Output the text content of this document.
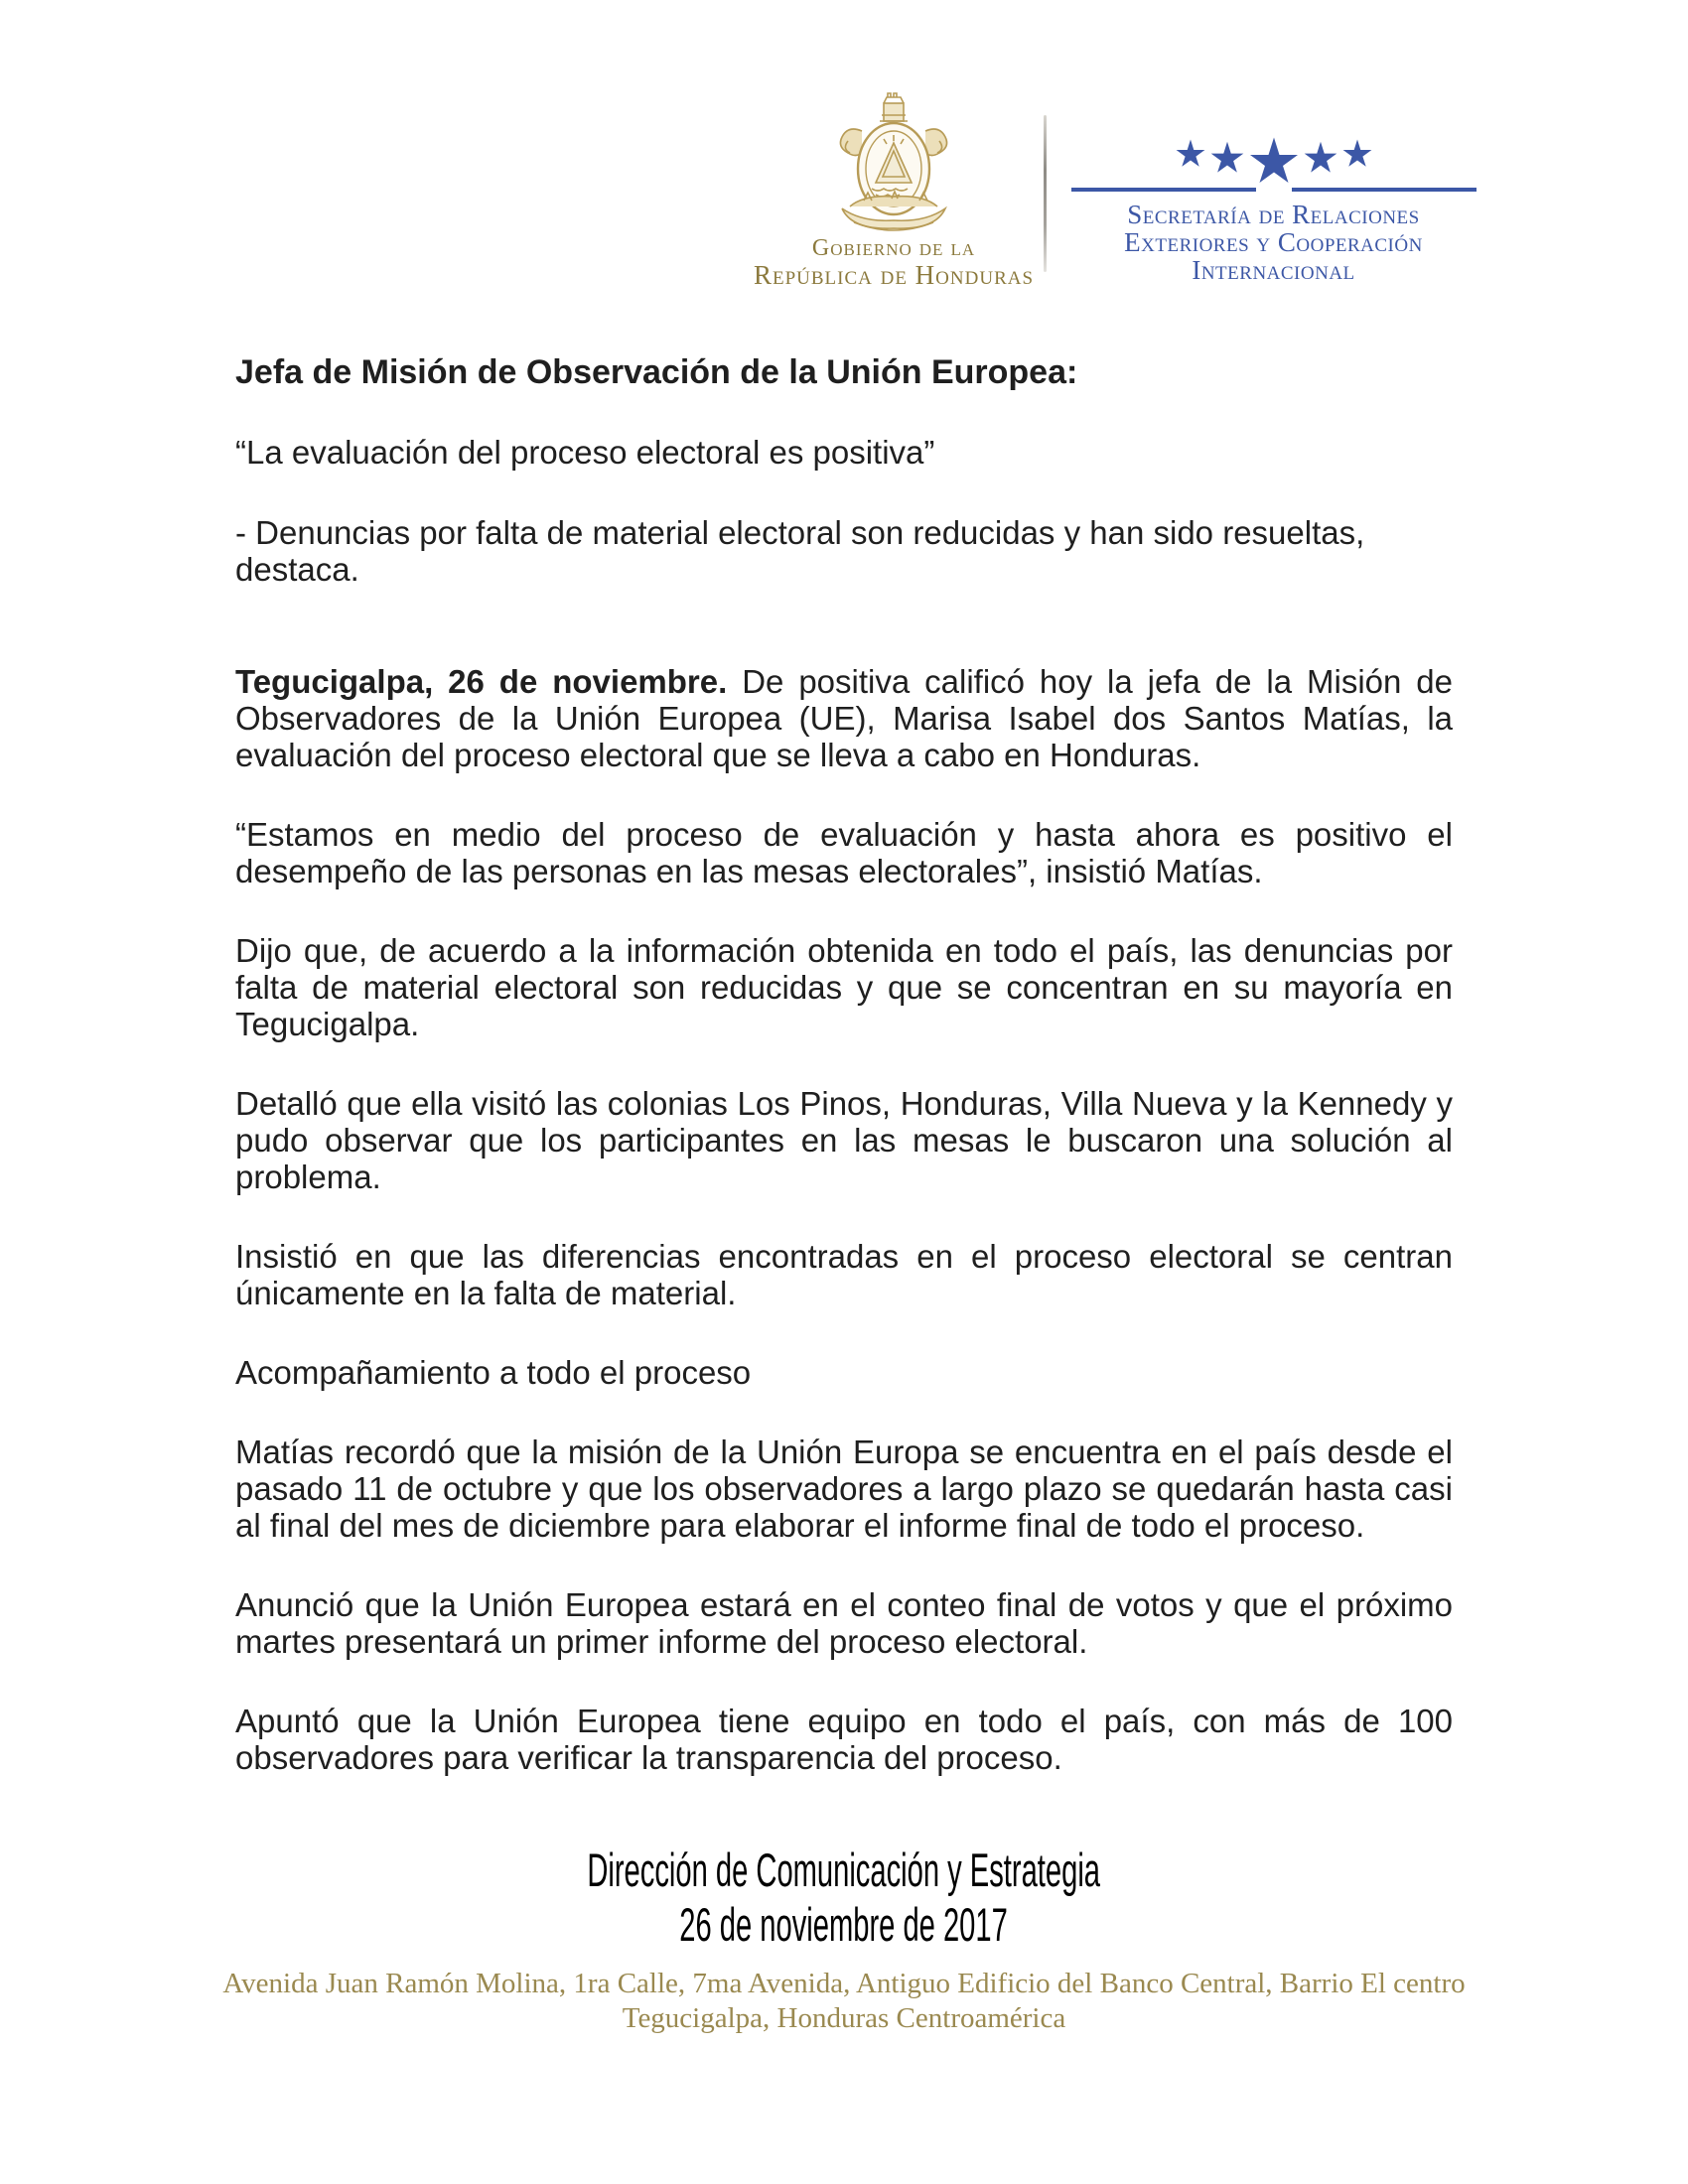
Gobierno de la
República de Honduras
Secretaría de Relaciones
Exteriores y Cooperación
Internacional
Jefa de Misión de Observación de la Unión Europea:

“La evaluación del proceso electoral es positiva”

- Denuncias por falta de material electoral son reducidas y han sido resueltas, destaca.

Tegucigalpa, 26 de noviembre. De positiva calificó hoy la jefa de la Misión de Observadores de la Unión Europea (UE), Marisa Isabel dos Santos Matías, la evaluación del proceso electoral que se lleva a cabo en Honduras.

“Estamos en medio del proceso de evaluación y hasta ahora es positivo el desempeño de las personas en las mesas electorales”, insistió Matías.

Dijo que, de acuerdo a la información obtenida en todo el país, las denuncias por falta de material electoral son reducidas y que se concentran en su mayoría en Tegucigalpa.

Detalló que ella visitó las colonias Los Pinos, Honduras, Villa Nueva y la Kennedy y pudo observar que los participantes en las mesas le buscaron una solución al problema.

Insistió en que las diferencias encontradas en el proceso electoral se centran únicamente en la falta de material.

Acompañamiento a todo el proceso

Matías recordó que la misión de la Unión Europa se encuentra en el país desde el pasado 11 de octubre y que los observadores a largo plazo se quedarán hasta casi al final del mes de diciembre para elaborar el informe final de todo el proceso.

Anunció que la Unión Europea estará en el conteo final de votos y que el próximo martes presentará un primer informe del proceso electoral.

Apuntó que la Unión Europea tiene equipo en todo el país, con más de 100 observadores para verificar la transparencia del proceso.

Dirección de Comunicación y Estrategia
26 de noviembre de 2017
Avenida Juan Ramón Molina, 1ra Calle, 7ma Avenida, Antiguo Edificio del Banco Central, Barrio El centro
Tegucigalpa, Honduras Centroamérica
